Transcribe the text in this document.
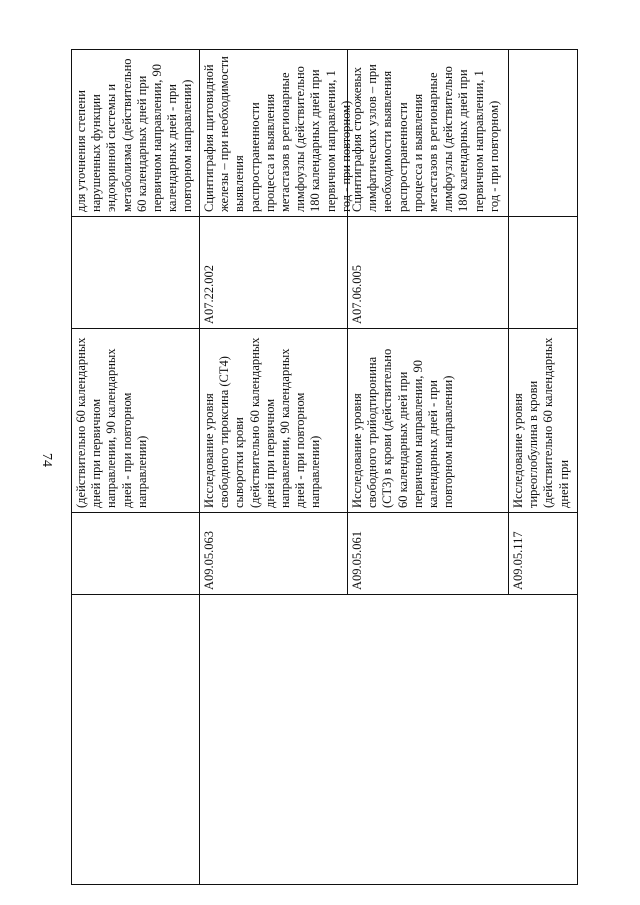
74 (действительно 60 календарных дней при первичном направлении, 90 календарных дней - при повторном направлении)
для уточнения степени нарушенных функции эндокринной системы и метаболизма (действительно 60 календарных дней при первичном направлении, 90 календарных дней - при повторном направлении)
A09.05.063
Исследование уровня свободного тироксина (СТ4) сыворотки крови (действительно 60 календарных дней при первичном направлении, 90 календарных дней - при повторном направлении)
A07.22.002
Сцинтиграфия щитовидной железы – при необходимости выявления распространенности процесса и выявления метастазов в регионарные лимфоузлы (действительно 180 календарных дней при первичном направлении, 1 год - при повторном)
A09.05.061
Исследование уровня свободного трийодтиронина (СТ3) в крови (действительно 60 календарных дней при первичном направлении, 90 календарных дней - при повторном направлении)
A07.06.005
Сцинтиграфия сторожевых лимфатических узлов – при необходимости выявления распространенности процесса и выявления метастазов в регионарные лимфоузлы (действительно 180 календарных дней при первичном направлении, 1 год - при повторном)
A09.05.117
Исследование уровня тиреоглобулина в крови (действительно 60 календарных дней при
